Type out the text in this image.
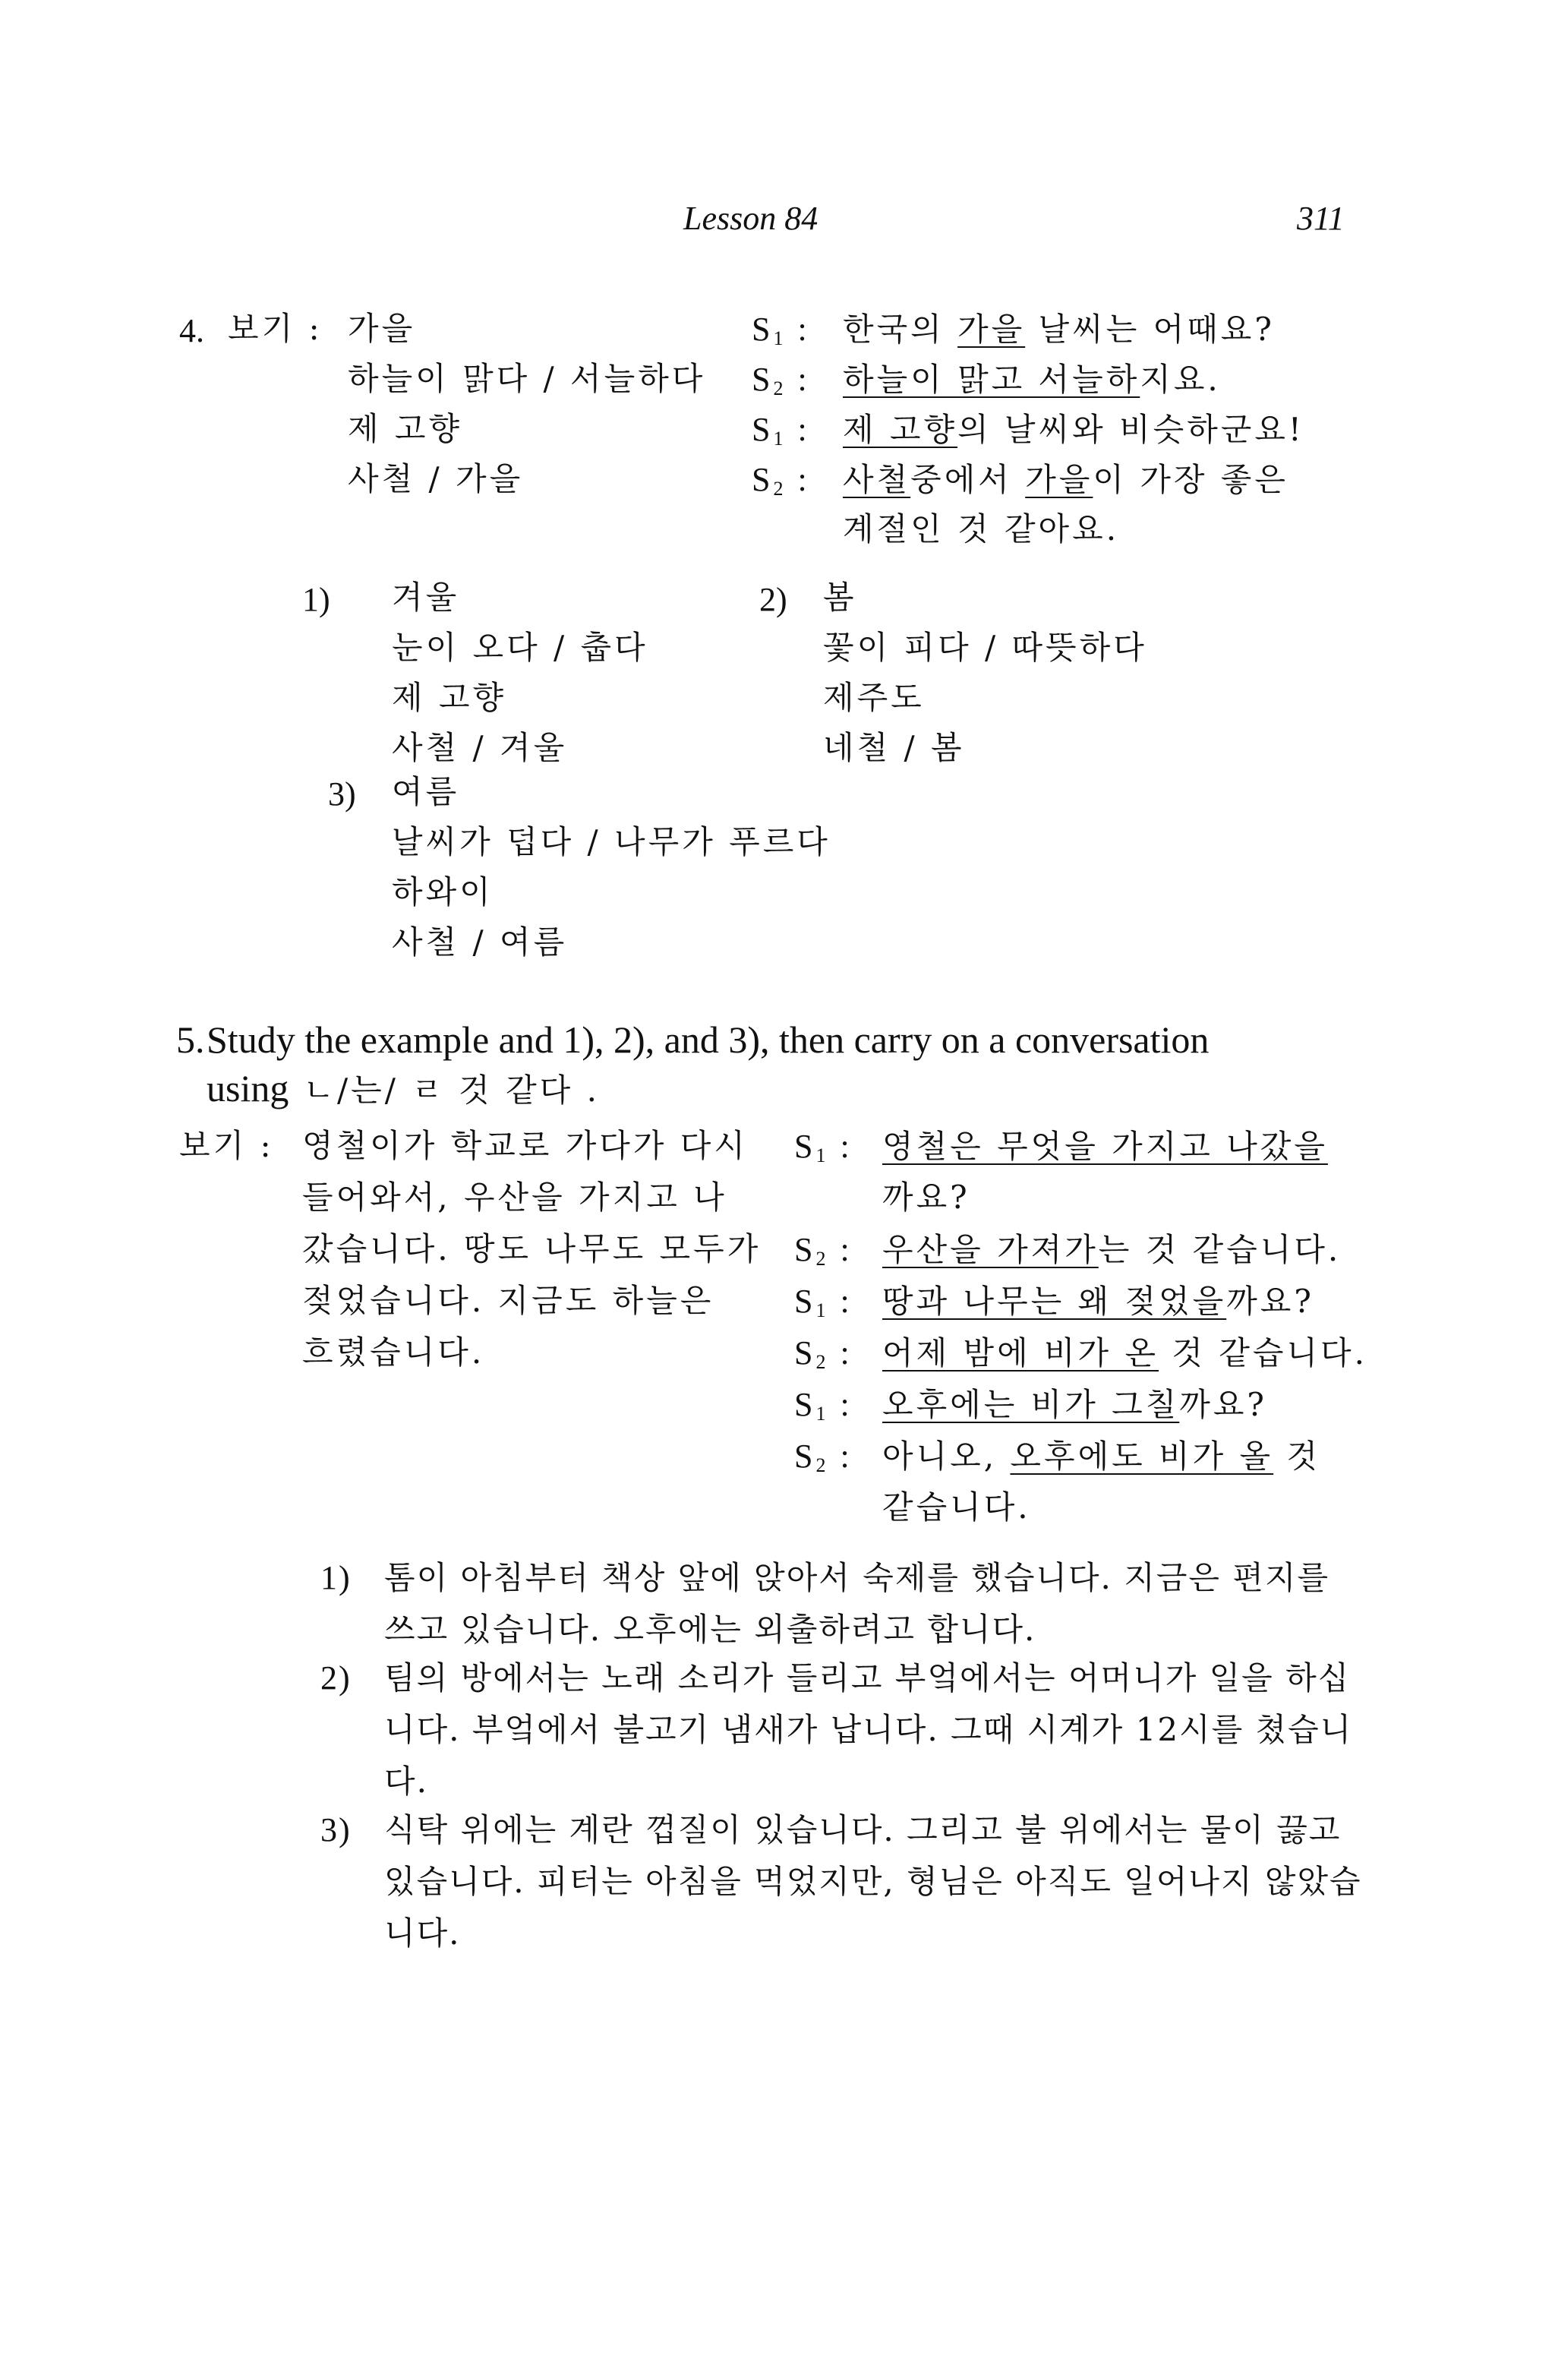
Lesson 84	311
4. 보기 : 가을
하늘이 맑다 / 서늘하다
제 고향
사철 / 가을
$S_1$ : 한국의 가을 날씨는 어때요?
$S_2$ : 하늘이 맑고 서늘하지요.
$S_1$ : 제 고향의 날씨와 비슷하군요!
$S_2$ : 사철중에서 가을이 가장 좋은
계절인 것 같아요.
1) 겨울
눈이 오다 / 춥다
제 고향
사철 / 겨울
2) 봄
꽃이 피다 / 따뜻하다
제주도
네철 / 봄
3) 여름
날씨가 덥다 / 나무가 푸르다
하와이
사철 / 여름
5. Study the example and 1), 2), and 3), then carry on a conversation
using ㄴ/는/ ㄹ 것 같다 .
보기 : 영철이가 학교로 가다가 다시
들어와서, 우산을 가지고 나
갔습니다. 땅도 나무도 모두가
젖었습니다. 지금도 하늘은
흐렸습니다.
$S_1$ : 영철은 무엇을 가지고 나갔을
까요?
$S_2$ : 우산을 가져가는 것 같습니다.
$S_1$ : 땅과 나무는 왜 젖었을까요?
$S_2$ : 어제 밤에 비가 온 것 같습니다.
$S_1$ : 오후에는 비가 그칠까요?
$S_2$ : 아니오, 오후에도 비가 올 것
같습니다.
1) 톰이 아침부터 책상 앞에 앉아서 숙제를 했습니다. 지금은 편지를 쓰고 있습니다. 오후에는 외출하려고 합니다.
2) 팀의 방에서는 노래 소리가 들리고 부엌에서는 어머니가 일을 하십니다. 부엌에서 불고기 냄새가 납니다. 그때 시계가 12시를 쳤습니다.
3) 식탁 위에는 계란 껍질이 있습니다. 그리고 불 위에서는 물이 끓고 있습니다. 피터는 아침을 먹었지만, 형님은 아직도 일어나지 않았습니다.
